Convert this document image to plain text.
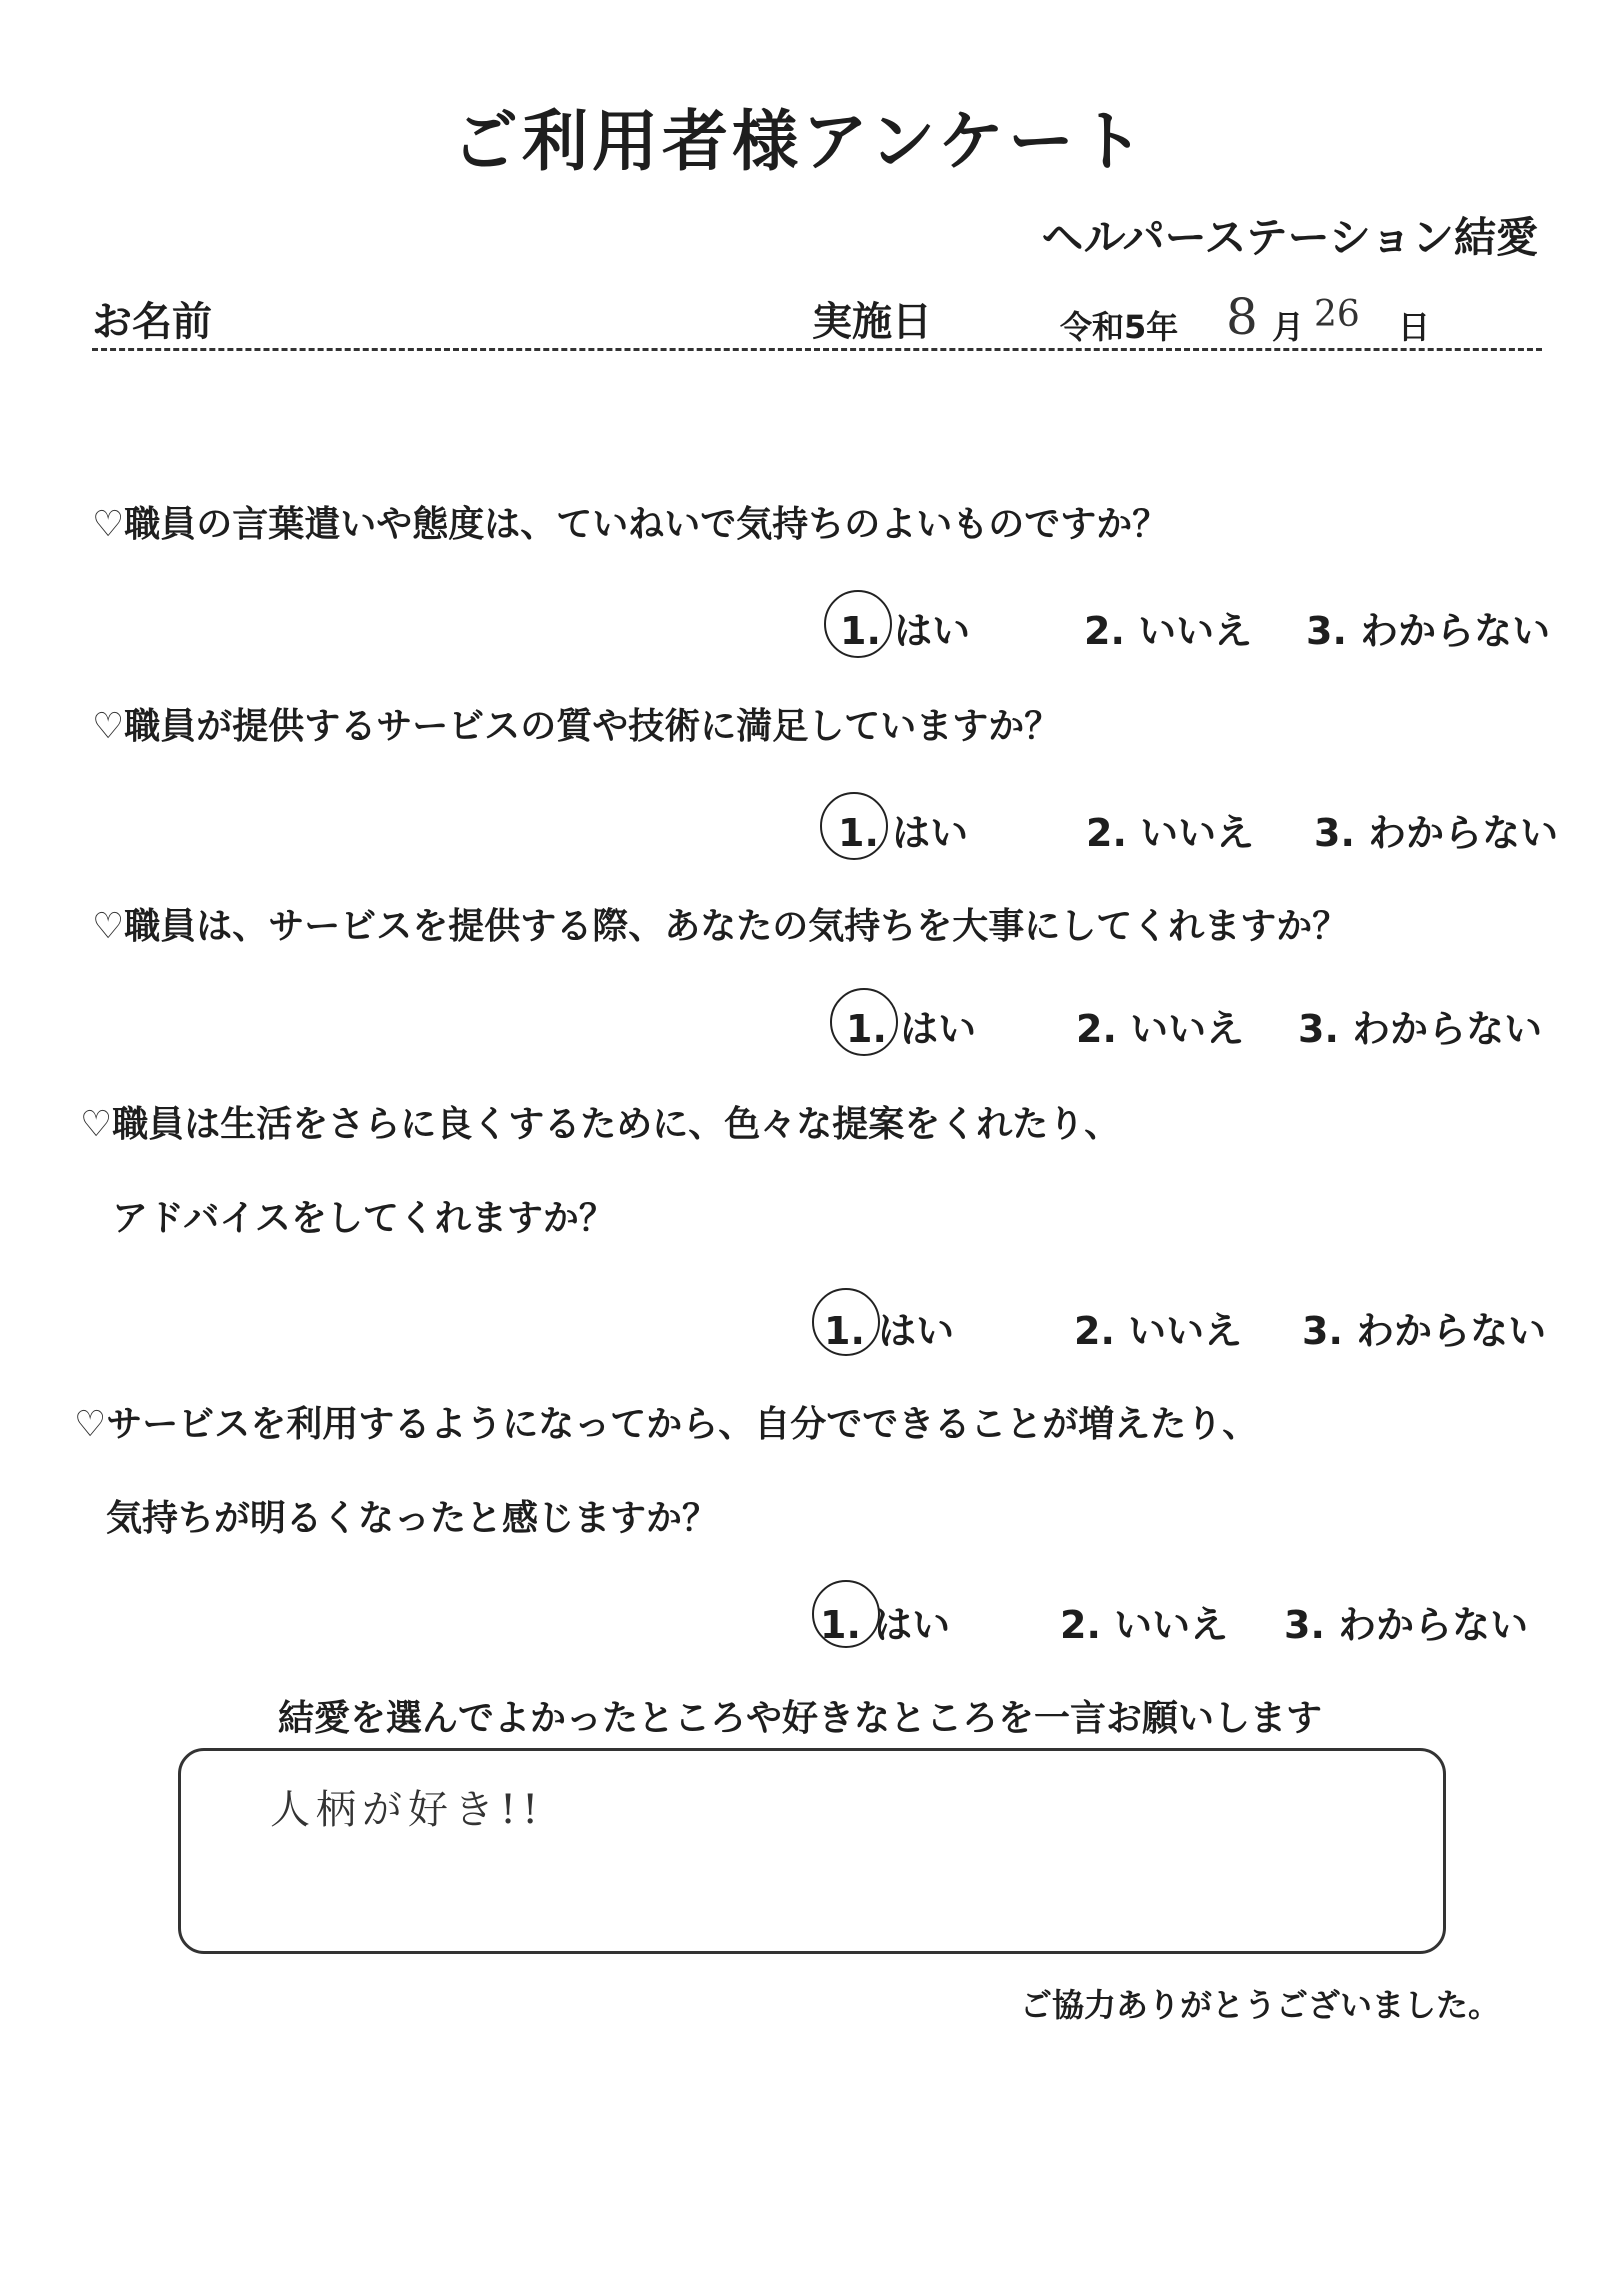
ご利用者様アンケート
ヘルパーステーション結愛
お名前	実施日	令和5年 8 月 26 日
♡職員の言葉遣いや態度は、ていねいで気持ちのよいものですか？
1. はい	2. いいえ 3. わからない
♡職員が提供するサービスの質や技術に満足していますか？
1. はい	2. いいえ 3. わからない
♡職員は、サービスを提供する際、あなたの気持ちを大事にしてくれますか？
1. はい	2. いいえ 3. わからない
♡職員は生活をさらに良くするために、色々な提案をくれたり、
アドバイスをしてくれますか？
1. はい	2. いいえ 3. わからない
♡サービスを利用するようになってから、自分でできることが増えたり、
気持ちが明るくなったと感じますか？
1. はい	2. いいえ 3. わからない
結愛を選んでよかったところや好きなところを一言お願いします
人柄が好き!!
ご協力ありがとうございました。
